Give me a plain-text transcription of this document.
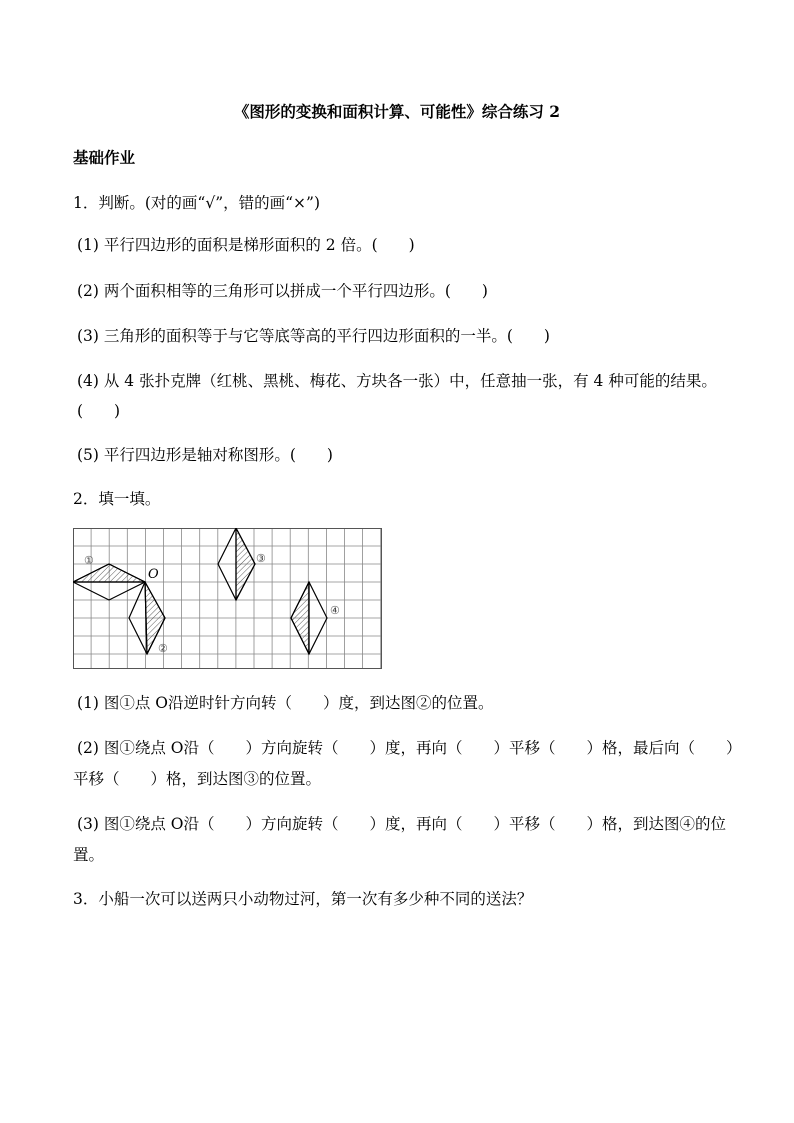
《图形的变换和面积计算、可能性》综合练习 2
基础作业
1．判断。(对的画“√”，错的画“×”)
(1) 平行四边形的面积是梯形面积的 2 倍。(　　)
(2) 两个面积相等的三角形可以拼成一个平行四边形。(　　)
(3) 三角形的面积等于与它等底等高的平行四边形面积的一半。(　　)
(4) 从 4 张扑克牌（红桃、黑桃、梅花、方块各一张）中，任意抽一张，有 4 种可能的结果。
(　　)
(5) 平行四边形是轴对称图形。(　　)
2．填一填。
①
②
③
④
O
(1) 图①点 O沿逆时针方向转（　　）度，到达图②的位置。
(2) 图①绕点 O沿（　　）方向旋转（　　）度，再向（　　）平移（　　）格，最后向（　　）
平移（　　）格，到达图③的位置。
(3) 图①绕点 O沿（　　）方向旋转（　　）度，再向（　　）平移（　　）格，到达图④的位
置。
3．小船一次可以送两只小动物过河，第一次有多少种不同的送法？
